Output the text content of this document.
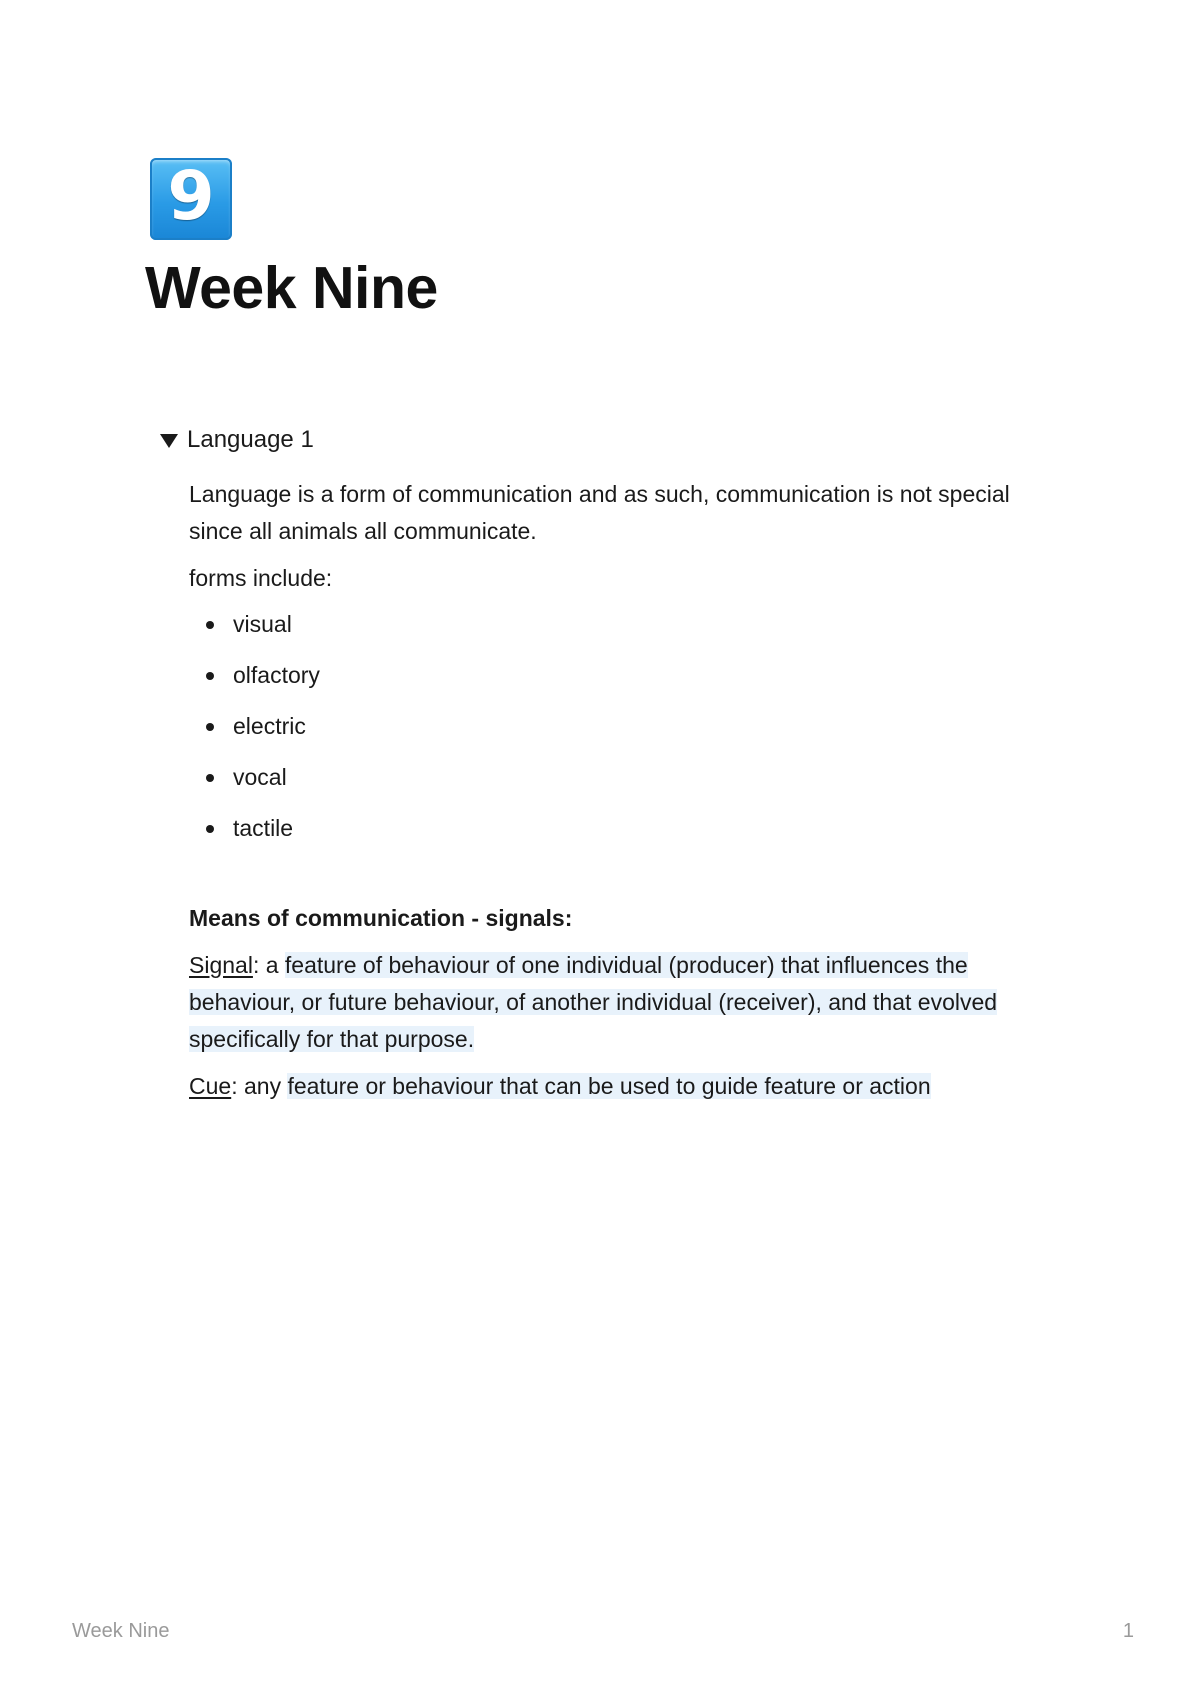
9
Week Nine
Language 1

Language is a form of communication and as such, communication is not special since all animals all communicate.

forms include:

visual
olfactory
electric
vocal
tactile

Means of communication - signals:

Signal: a feature of behaviour of one individual (producer) that influences the behaviour, or future behaviour, of another individual (receiver), and that evolved specifically for that purpose.

Cue: any feature or behaviour that can be used to guide feature or action

Week Nine	1
